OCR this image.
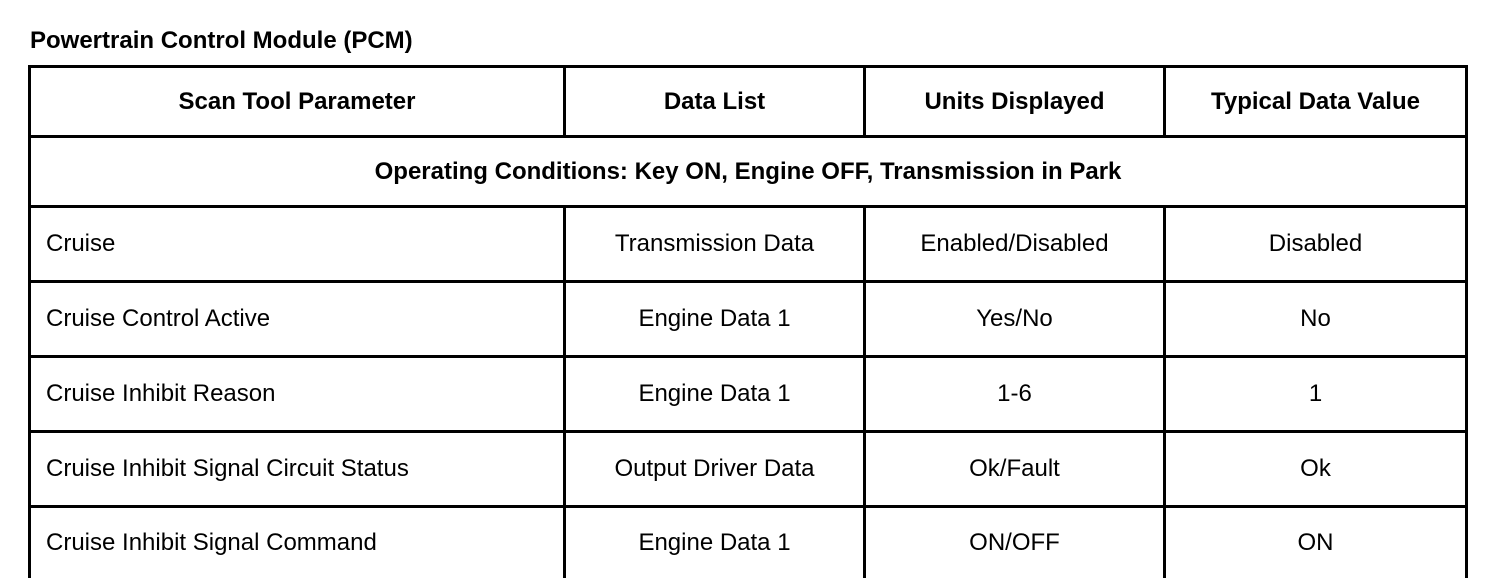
Powertrain Control Module (PCM)
Scan Tool Parameter	Data List	Units Displayed	Typical Data Value
Operating Conditions: Key ON, Engine OFF, Transmission in Park			
Cruise	Transmission Data	Enabled/Disabled	Disabled
Cruise Control Active	Engine Data 1	Yes/No	No
Cruise Inhibit Reason	Engine Data 1	1-6	1
Cruise Inhibit Signal Circuit Status	Output Driver Data	Ok/Fault	Ok
Cruise Inhibit Signal Command	Engine Data 1	ON/OFF	ON
